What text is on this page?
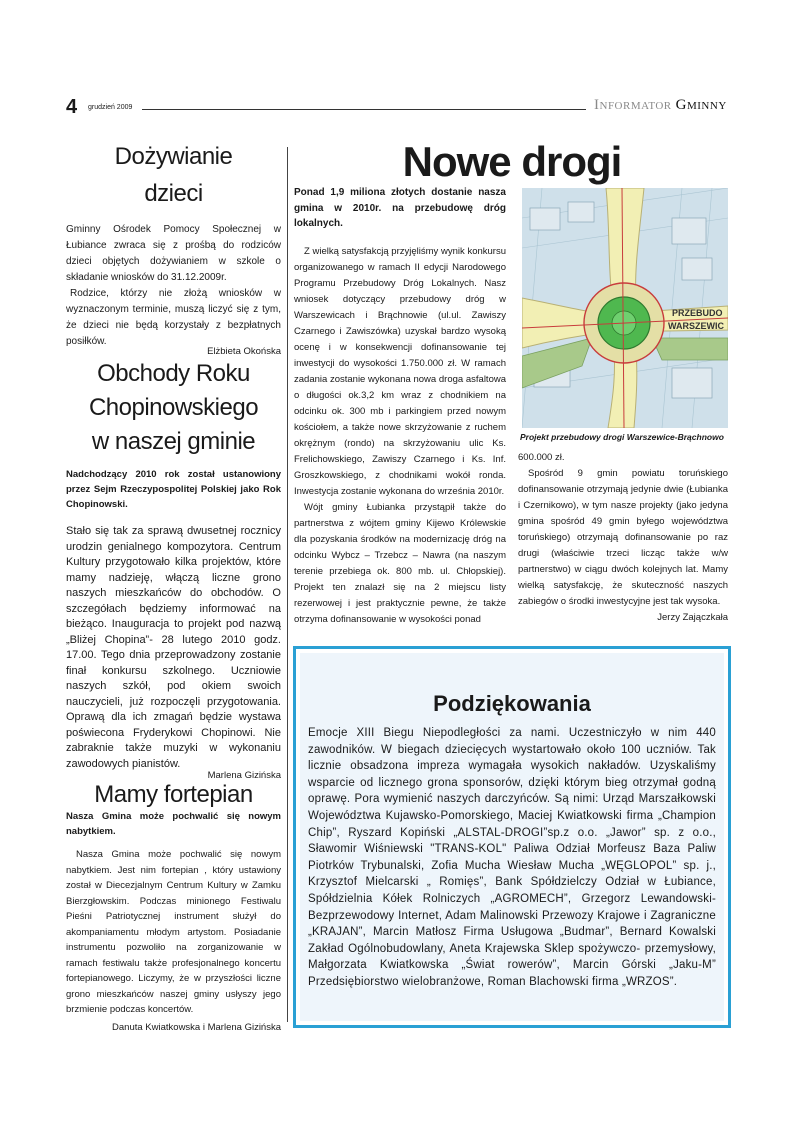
4 grudzień 2009	Informator Gminny
Dożywianie
dzieci

Gminny Ośrodek Pomocy Społecznej w Łubiance zwraca się z prośbą do rodziców dzieci objętych dożywianiem w szkole o składanie wniosków do 31.12.2009r.

Rodzice, którzy nie złożą wniosków w wyznaczonym terminie, muszą liczyć się z tym, że dzieci nie będą korzystały z bezpłatnych posiłków.

Elżbieta Okońska

Obchody Roku
Chopinowskiego
w naszej gminie

Nadchodzący 2010 rok został ustanowiony przez Sejm Rzeczypospolitej Polskiej jako Rok Chopinowski.

Stało się tak za sprawą dwusetnej rocznicy urodzin genialnego kompozytora. Centrum Kultury przygotowało kilka projektów, które mamy nadzieję, włączą liczne grono naszych mieszkańców do obchodów. O szczegółach będziemy informować na bieżąco. Inauguracja to projekt pod nazwą „Bliżej Chopina”- 28 lutego 2010 godz. 17.00. Tego dnia przeprowadzony zostanie finał konkursu szkolnego. Uczniowie naszych szkół, pod okiem swoich nauczycieli, już rozpoczęli przygotowania. Oprawą dla ich zmagań będzie wystawa poświecona Fryderykowi Chopinowi. Nie zabraknie także muzyki w wykonaniu zawodowych pianistów.

Marlena Gizińska

Mamy fortepian

Nasza Gmina może pochwalić się nowym nabytkiem.

Nasza Gmina może pochwalić się nowym nabytkiem. Jest nim fortepian , który ustawiony został w Diecezjalnym Centrum Kultury w Zamku Bierzgłowskim. Podczas minionego Festiwalu Pieśni Patriotycznej instrument służył do akompaniamentu młodym artystom. Posiadanie instrumentu pozwoliło na zorganizowanie w ramach festiwalu także profesjonalnego koncertu fortepianowego. Liczymy, że w przyszłości liczne grono mieszkańców naszej gminy usłyszy jego brzmienie podczas koncertów.

Danuta Kwiatkowska i Marlena Gizińska

Nowe drogi

Ponad 1,9 miliona złotych dostanie nasza gmina w 2010r. na przebudowę dróg lokalnych.

Z wielką satysfakcją przyjęliśmy wynik konkursu organizowanego w ramach II edycji Narodowego Programu Przebudowy Dróg Lokalnych. Nasz wniosek dotyczący przebudowy dróg w Warszewicach i Brąchnowie (ul.ul. Zawiszy Czarnego i Zawiszówka) uzyskał bardzo wysoką ocenę i w konsekwencji dofinansowanie tej inwestycji do wysokości 1.750.000 zł. W ramach zadania zostanie wykonana nowa droga asfaltowa o długości ok.3,2 km wraz z chodnikiem na odcinku ok. 300 mb i parkingiem przed nowym kościołem, a także nowe skrzyżowanie z ruchem okrężnym (rondo) na skrzyżowaniu ulic Ks. Frelichowskiego, Zawiszy Czarnego i Ks. Inf. Groszkowskiego, z chodnikami wokół ronda. Inwestycja zostanie wykonana do września 2010r.

Wójt gminy Łubianka przystąpił także do partnerstwa z wójtem gminy Kijewo Królewskie dla pozyskania środków na modernizację dróg na odcinku Wybcz – Trzebcz – Nawra (na naszym terenie przebiega ok. 800 mb. ul. Chłopskiej). Projekt ten znalazł się na 2 miejscu listy rezerwowej i jest praktycznie pewne, że także otrzyma dofinansowanie w wysokości ponad

PRZEBUDO
WARSZEWIC
Projekt przebudowy drogi Warszewice-Brąchnowo

600.000 zł.

Spośród 9 gmin powiatu toruńskiego dofinansowanie otrzymają jedynie dwie (Łubianka i Czernikowo), w tym nasze projekty (jako jedyna gmina spośród 49 gmin byłego województwa toruńskiego) otrzymają dofinansowanie po raz drugi (właściwie trzeci licząc także w/w partnerstwo) w ciągu dwóch kolejnych lat. Mamy wielką satysfakcję, że skuteczność naszych zabiegów o środki inwestycyjne jest tak wysoka.

Jerzy Zajączkała

Podziękowania
Emocje XIII Biegu Niepodległości za nami. Uczestniczyło w nim 440 zawodników. W biegach dziecięcych wystartowało około 100 uczniów. Tak licznie obsadzona impreza wymagała wysokich nakładów. Uzyskaliśmy wsparcie od licznego grona sponsorów, dzięki którym bieg otrzymał godną oprawę. Pora wymienić naszych darczyńców. Są nimi: Urząd Marszałkowski Województwa Kujawsko-Pomorskiego, Maciej Kwiatkowski firma „Champion Chip”, Ryszard Kopiński „ALSTAL-DROGI”sp.z o.o. „Jawor” sp. z o.o., Sławomir Wiśniewski "TRANS-KOL" Paliwa Odział Morfeusz Baza Paliw Piotrków Trybunalski, Zofia Mucha Wiesław Mucha „WĘGLOPOL” sp. j., Krzysztof Mielcarski „ Romięs”, Bank Spółdzielczy Odział w Łubiance, Spółdzielnia Kółek Rolniczych „AGROMECH”, Grzegorz Lewandowski-Bezprzewodowy Internet, Adam Malinowski Przewozy Krajowe i Zagraniczne „KRAJAN”, Marcin Matłosz Firma Usługowa „Budmar”, Bernard Kowalski Zakład Ogólnobudowlany, Aneta Krajewska Sklep spożywczo- przemysłowy, Małgorzata Kwiatkowska „Świat rowerów”, Marcin Górski „Jaku-M” Przedsiębiorstwo wielobranżowe, Roman Blachowski firma „WRZOS”.
